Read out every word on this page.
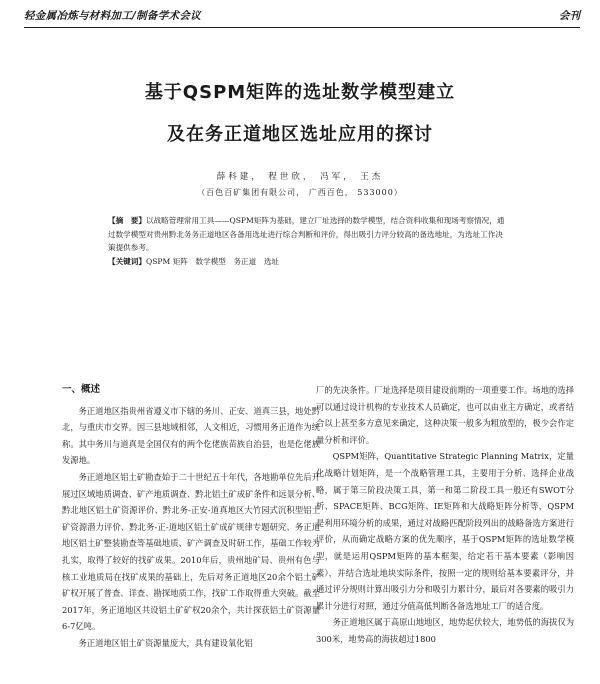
轻金属冶炼与材料加工/制备学术会议	会刊
基于QSPM矩阵的选址数学模型建立
及在务正道地区选址应用的探讨
薛科建， 程世欣， 冯军， 王杰
（百色百矿集团有限公司， 广西百色， 533000）

【摘　要】以战略管理常用工具——QSPM矩阵为基础，建立厂址选择的数学模型，结合资料收集和现场考察情况，通过数学模型对贵州黔北务务正道地区各备用选址进行综合判断和评价，得出吸引力评分较高的备选地址，为选址工作决策提供参考。

【关键词】QSPM 矩阵　数学模型　务正道　选址

一、概述

务正道地区指贵州省遵义市下辖的务川、正安、道真三县，地处黔北，与重庆市交界。因三县地域相邻，人文相近，习惯用务正道作为统称。其中务川与道真是全国仅有的两个仡佬族苗族自治县，也是仡佬族发源地。

务正道地区铝土矿勘查始于二十世纪五十年代，各地勘单位先后开展过区域地质调查、矿产地质调查、黔北铝土矿成矿条件和远景分析、黔北地区铝土矿资源评价、黔北务-正安-道真地区大竹园式沉积型铝土矿资源潜力评价、黔北务-正-道地区铝土矿成矿规律专题研究、务正道地区铝土矿整装勘查等基础地质、矿产调查及时研工作，基础工作较为扎实，取得了较好的找矿成果。2010年后，贵州地矿局、贵州有色与核工业地质局在找矿成果的基础上，先后对务正道地区20余个铝土矿矿权开展了普查、详查、勘探地质工作，找矿工作取得重大突破。截至2017年，务正道地区共设铝土矿矿权20余个，共计探获铝土矿资源量6-7亿吨。

务正道地区铝土矿资源量庞大，具有建设氧化铝

厂的先决条件。厂址选择是项目建设前期的一项重要工作。场地的选择可以通过设计机构的专业技术人员确定，也可以由业主方确定，或者结合以上甚至多方意见来确定，这种决策一般多为粗放型的，极少会作定量分析和评价。

QSPM矩阵，Quantitative Strategic Planning Matrix，定量化战略计划矩阵，是一个战略管理工具，主要用于分析、选择企业战略，属于第三阶段决策工具，第一和第二阶段工具一般还有SWOT分析、SPACE矩阵、BCG矩阵、IE矩阵和大战略矩阵分析等，QSPM是利用环境分析的成果，通过对战略匹配阶段列出的战略备选方案进行评价，从而确定战略方案的优先顺序，基于QSPM矩阵的选址数学模型，就是运用QSPM矩阵的基本框架，给定若干基本要素（影响因素），并结合选址地块实际条件，按照一定的规则给基本要素评分，并通过评分规则计算出吸引力分和吸引力累计分，最后对各要素的吸引力累计分进行对照，通过分值高低判断各备选地址工厂的适合度。

务正道地区属于高原山地地区，地势起伏较大，地势低的海拔仅为300米，地势高的海拔超过1800
